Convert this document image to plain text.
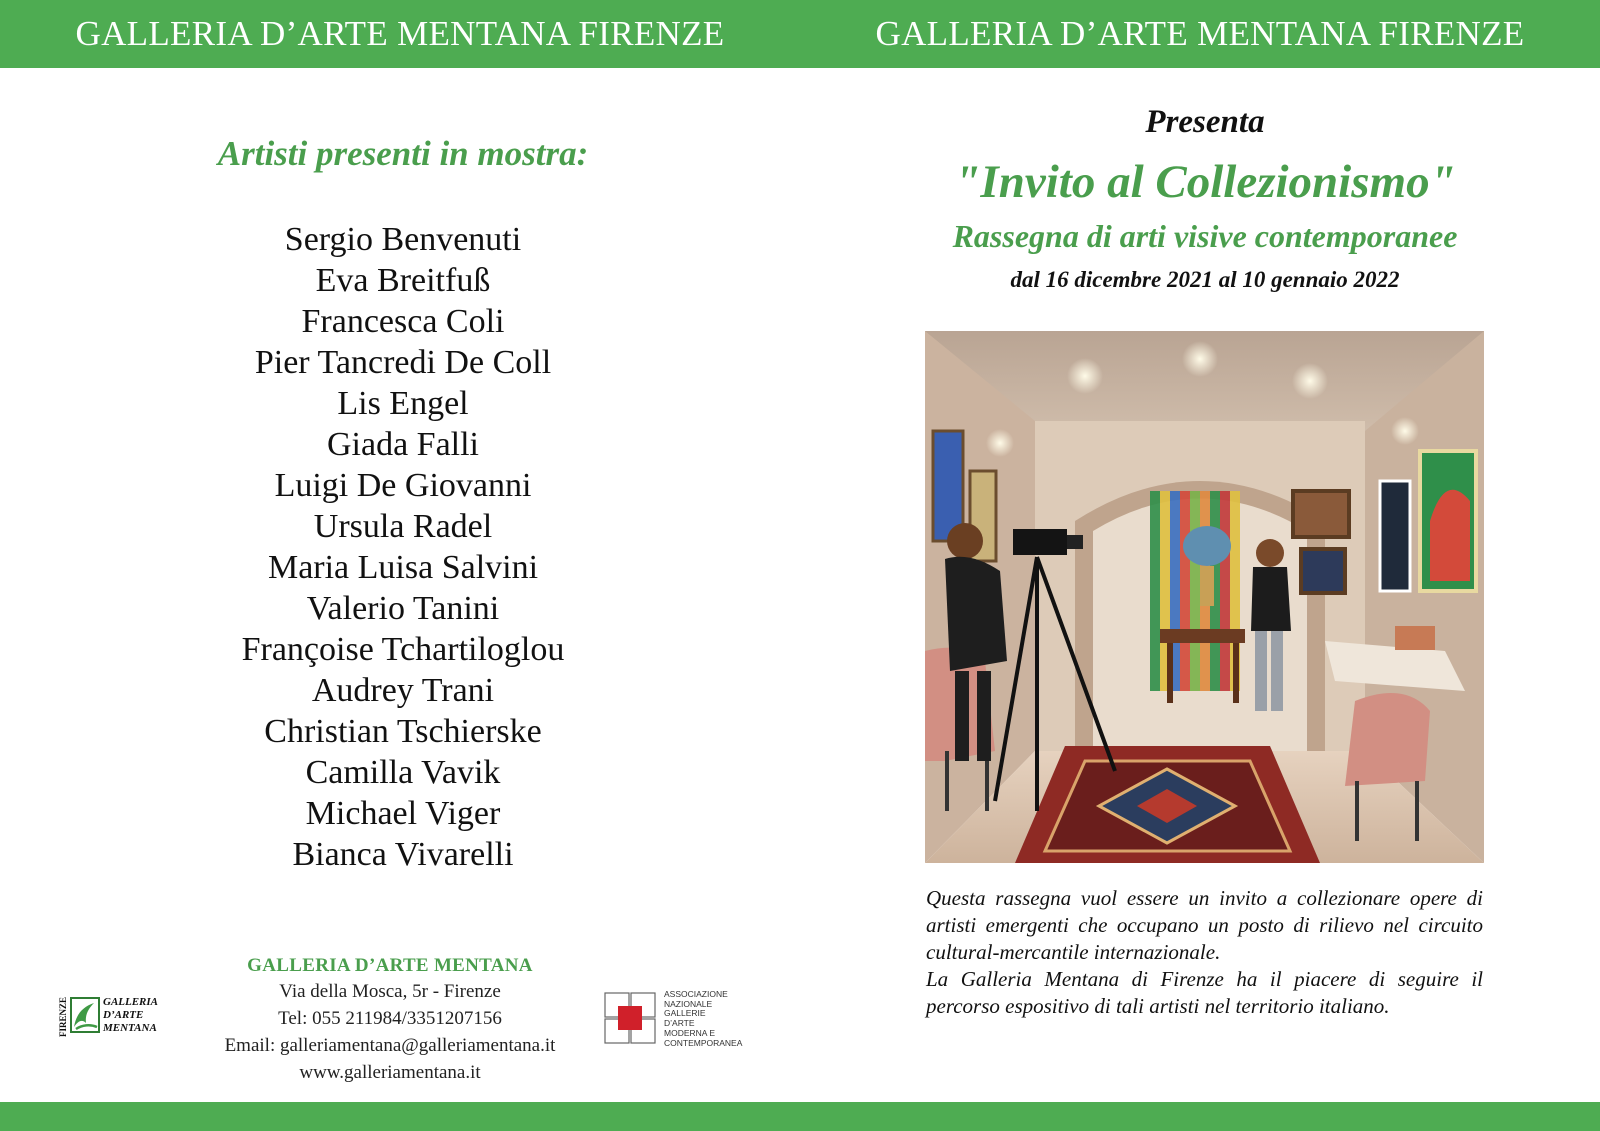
GALLERIA D’ARTE MENTANA FIRENZE	GALLERIA D’ARTE MENTANA FIRENZE
Artisti presenti in mostra:
Sergio Benvenuti
Eva Breitfuß
Francesca Coli
Pier Tancredi De Coll
Lis Engel
Giada Falli
Luigi De Giovanni
Ursula Radel
Maria Luisa Salvini
Valerio Tanini
Françoise Tchartiloglou
Audrey Trani
Christian Tschierske
Camilla Vavik
Michael Viger
Bianca Vivarelli
GALLERIA D’ARTE MENTANA
Via della Mosca, 5r - Firenze
Tel: 055 211984/3351207156
Email: galleriamentana@galleriamentana.it
www.galleriamentana.it
FIRENZE	GALLERIA
D’ARTE
MENTANA
ASSOCIAZIONE
NAZIONALE
GALLERIE
D’ARTE
MODERNA E
CONTEMPORANEA
Presenta
"Invito al Collezionismo"
Rassegna di arti visive contemporanee
dal 16 dicembre 2021 al 10 gennaio 2022

Questa rassegna vuol essere un invito a collezionare opere di artisti emergenti che occupano un posto di rilievo nel circuito cultural-mercantile internazionale.

La Galleria Mentana di Firenze ha il piacere di seguire il percorso espositivo di tali artisti nel territorio italiano.
